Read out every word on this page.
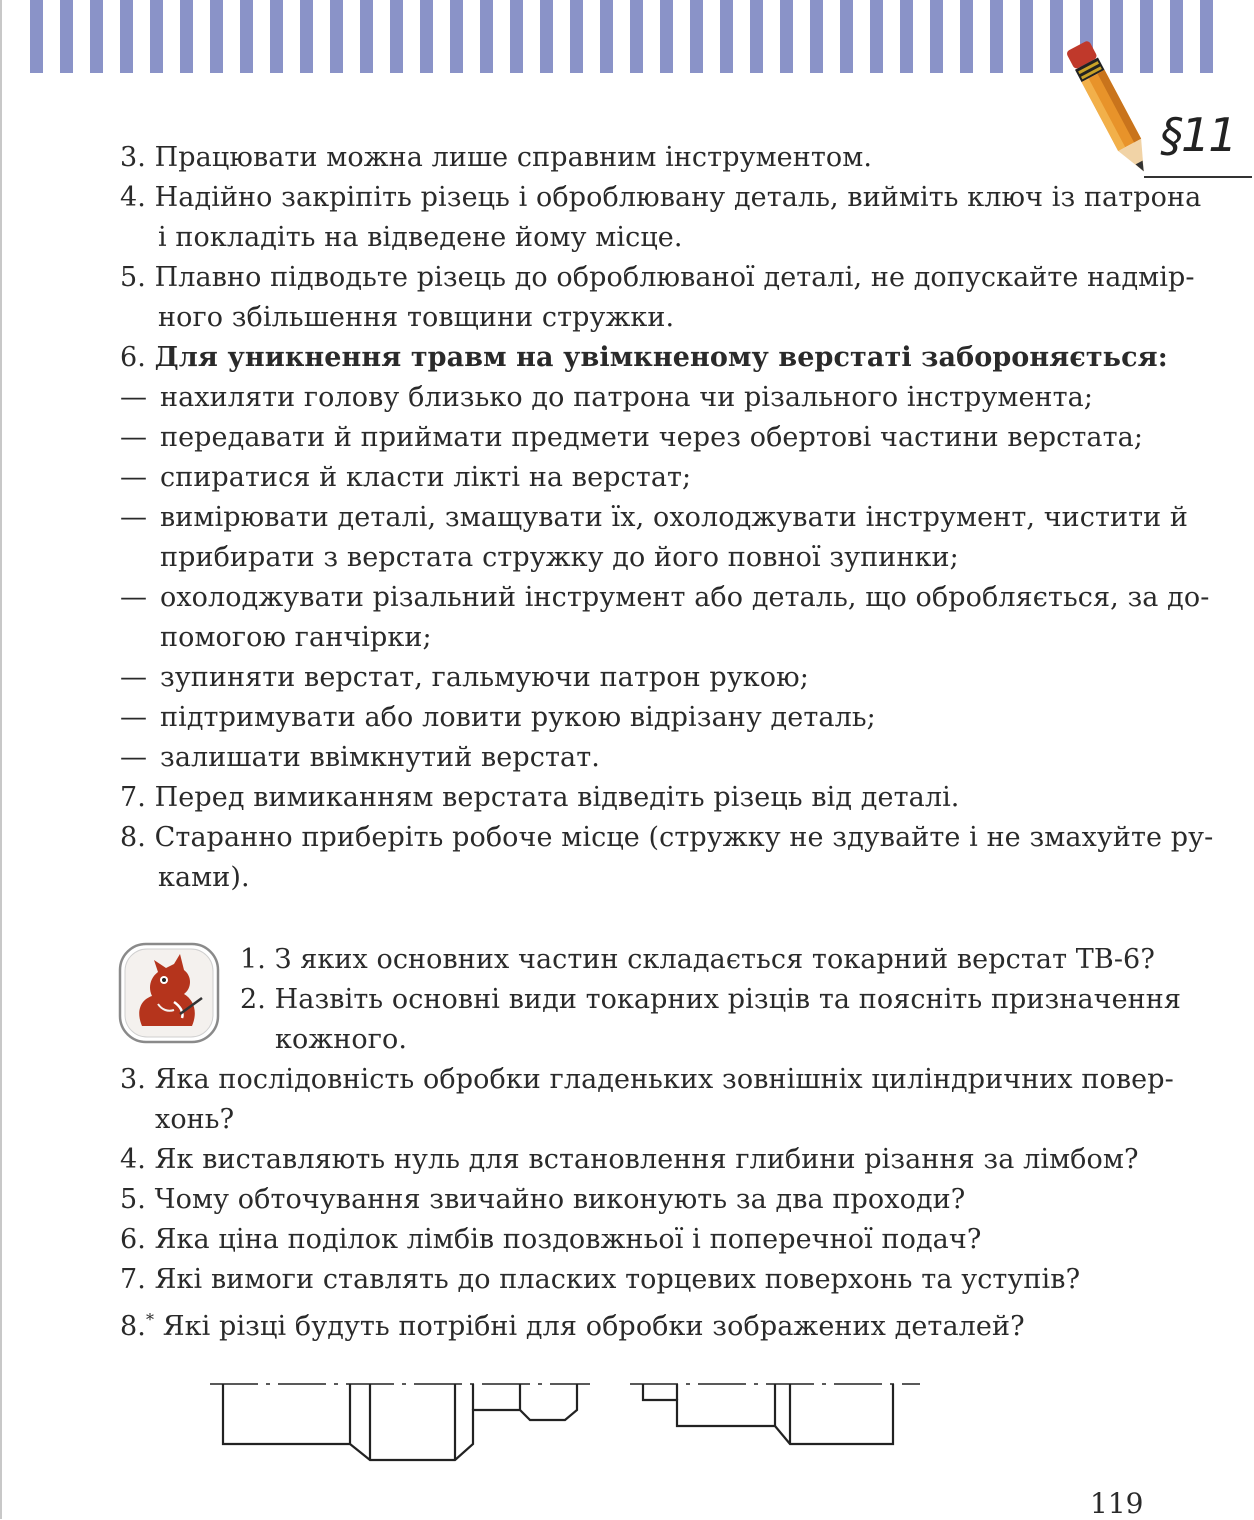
§11
3. Працювати можна лише справним інструментом.
4. Надійно закріпіть різець і оброблювану деталь, вийміть ключ із патрона
і покладіть на відведене йому місце.
5. Плавно підводьте різець до оброблюваної деталі, не допускайте надмір-
ного збільшення товщини стружки.
6. Для уникнення травм на увімкненому верстаті забороняється:
— нахиляти голову близько до патрона чи різального інструмента;
— передавати й приймати предмети через обертові частини верстата;
— спиратися й класти лікті на верстат;
— вимірювати деталі, змащувати їх, охолоджувати інструмент, чистити й
прибирати з верстата стружку до його повної зупинки;
— охолоджувати різальний інструмент або деталь, що обробляється, за до-
помогою ганчірки;
— зупиняти верстат, гальмуючи патрон рукою;
— підтримувати або ловити рукою відрізану деталь;
— залишати ввімкнутий верстат.
7. Перед вимиканням верстата відведіть різець від деталі.
8. Старанно приберіть робоче місце (стружку не здувайте і не змахуйте ру-
ками).
1. З яких основних частин складається токарний верстат ТВ-6?
2. Назвіть основні види токарних різців та поясніть призначення
кожного.
3. Яка послідовність обробки гладеньких зовнішніх циліндричних повер-
хонь?
4. Як виставляють нуль для встановлення глибини різання за лімбом?
5. Чому обточування звичайно виконують за два проходи?
6. Яка ціна поділок лімбів поздовжньої і поперечної подач?
7. Які вимоги ставлять до пласких торцевих поверхонь та уступів?
8.* Які різці будуть потрібні для обробки зображених деталей?
119
